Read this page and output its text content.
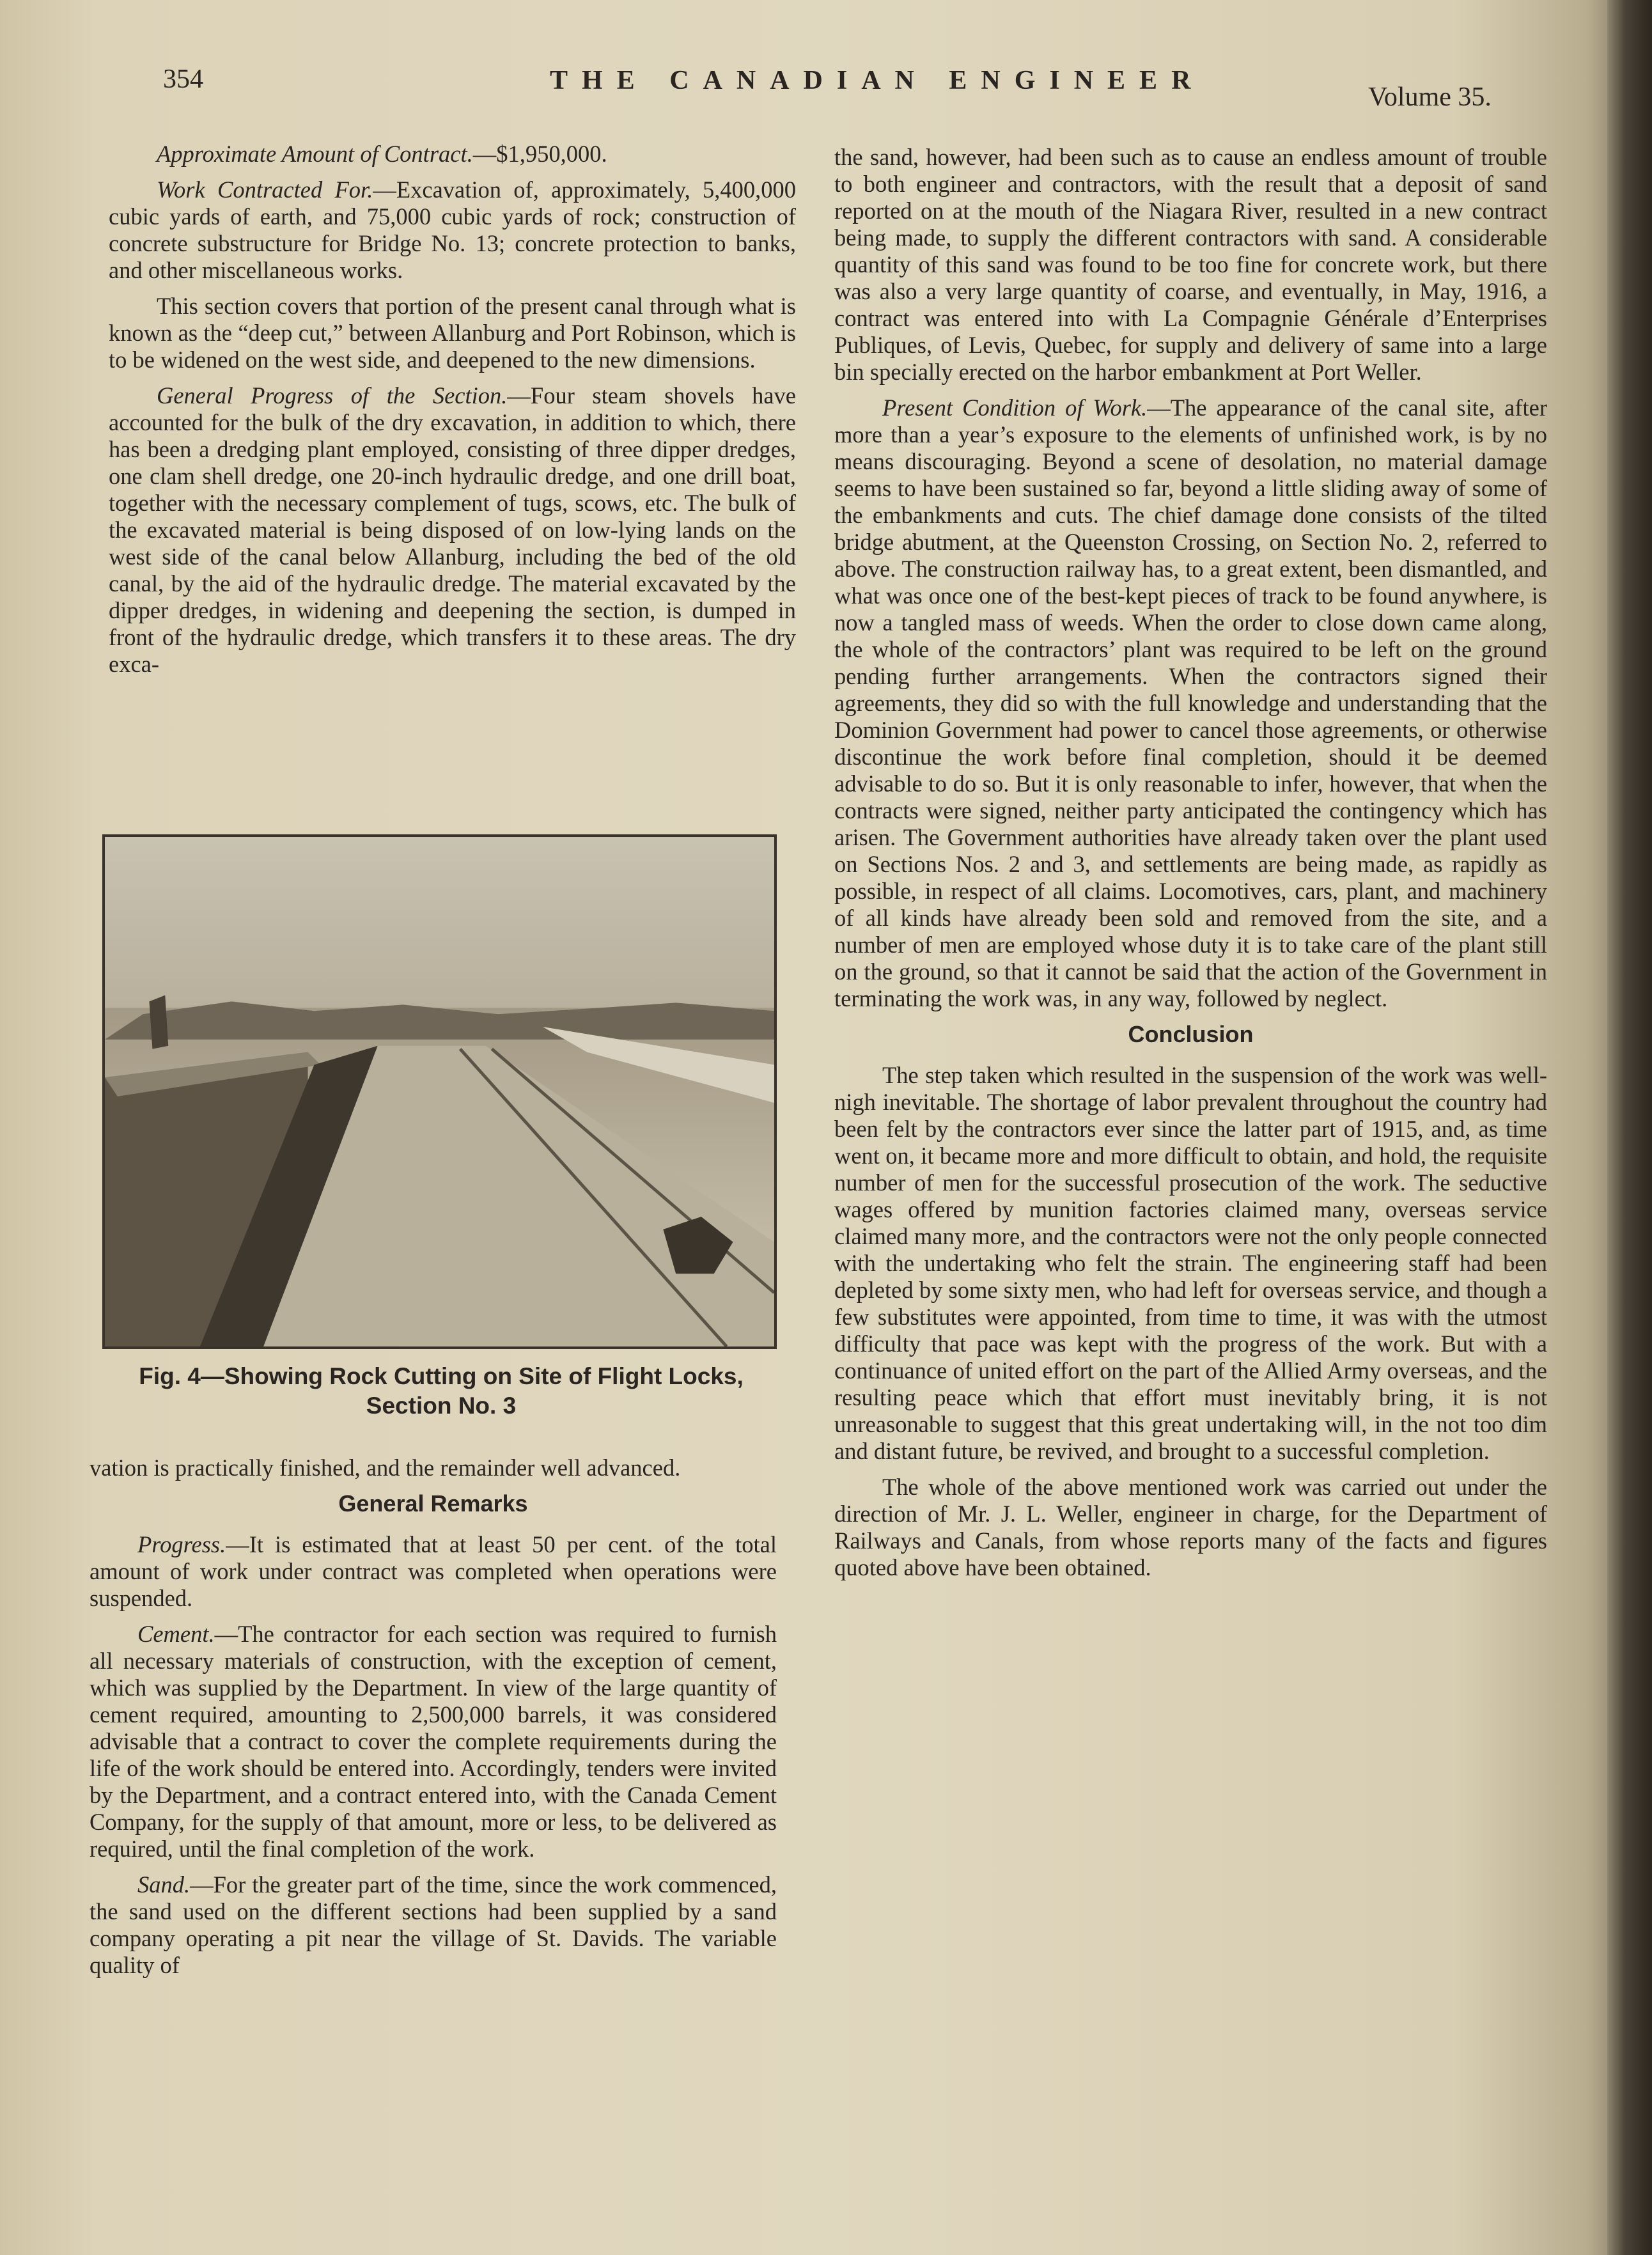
354	THE CANADIAN ENGINEER
Volume 35.

Approximate Amount of Contract.—$1,950,000.

Work Contracted For.—Excavation of, approximately, 5,400,000 cubic yards of earth, and 75,000 cubic yards of rock; construction of concrete substructure for Bridge No. 13; concrete protection to banks, and other miscellaneous works.

This section covers that portion of the present canal through what is known as the “deep cut,” between Allanburg and Port Robinson, which is to be widened on the west side, and deepened to the new dimensions.

General Progress of the Section.—Four steam shovels have accounted for the bulk of the dry excavation, in addition to which, there has been a dredging plant employed, consisting of three dipper dredges, one clam shell dredge, one 20-inch hydraulic dredge, and one drill boat, together with the necessary complement of tugs, scows, etc. The bulk of the excavated material is being disposed of on low-lying lands on the west side of the canal below Allanburg, including the bed of the old canal, by the aid of the hydraulic dredge. The material excavated by the dipper dredges, in widening and deepening the section, is dumped in front of the hydraulic dredge, which transfers it to these areas. The dry exca-

Fig. 4—Showing Rock Cutting on Site of Flight Locks, Section No. 3

vation is practically finished, and the remainder well advanced.

General Remarks

Progress.—It is estimated that at least 50 per cent. of the total amount of work under contract was completed when operations were suspended.

Cement.—The contractor for each section was required to furnish all necessary materials of construction, with the exception of cement, which was supplied by the Department. In view of the large quantity of cement required, amounting to 2,500,000 barrels, it was considered advisable that a contract to cover the complete requirements during the life of the work should be entered into. Accordingly, tenders were invited by the Department, and a contract entered into, with the Canada Cement Company, for the supply of that amount, more or less, to be delivered as required, until the final completion of the work.

Sand.—For the greater part of the time, since the work commenced, the sand used on the different sections had been supplied by a sand company operating a pit near the village of St. Davids. The variable quality of

the sand, however, had been such as to cause an endless amount of trouble to both engineer and contractors, with the result that a deposit of sand reported on at the mouth of the Niagara River, resulted in a new contract being made, to supply the different contractors with sand. A considerable quantity of this sand was found to be too fine for concrete work, but there was also a very large quantity of coarse, and eventually, in May, 1916, a contract was entered into with La Compagnie Générale d’Enterprises Publiques, of Levis, Quebec, for supply and delivery of same into a large bin specially erected on the harbor embankment at Port Weller.

Present Condition of Work.—The appearance of the canal site, after more than a year’s exposure to the elements of unfinished work, is by no means discouraging. Beyond a scene of desolation, no material damage seems to have been sustained so far, beyond a little sliding away of some of the embankments and cuts. The chief damage done consists of the tilted bridge abutment, at the Queenston Crossing, on Section No. 2, referred to above. The construction railway has, to a great extent, been dismantled, and what was once one of the best-kept pieces of track to be found anywhere, is now a tangled mass of weeds. When the order to close down came along, the whole of the contractors’ plant was required to be left on the ground pending further arrangements. When the contractors signed their agreements, they did so with the full knowledge and understanding that the Dominion Government had power to cancel those agreements, or otherwise discontinue the work before final completion, should it be deemed advisable to do so. But it is only reasonable to infer, however, that when the contracts were signed, neither party anticipated the contingency which has arisen. The Government authorities have already taken over the plant used on Sections Nos. 2 and 3, and settlements are being made, as rapidly as possible, in respect of all claims. Locomotives, cars, plant, and machinery of all kinds have already been sold and removed from the site, and a number of men are employed whose duty it is to take care of the plant still on the ground, so that it cannot be said that the action of the Government in terminating the work was, in any way, followed by neglect.

Conclusion

The step taken which resulted in the suspension of the work was well-nigh inevitable. The shortage of labor prevalent throughout the country had been felt by the contractors ever since the latter part of 1915, and, as time went on, it became more and more difficult to obtain, and hold, the requisite number of men for the successful prosecution of the work. The seductive wages offered by munition factories claimed many, overseas service claimed many more, and the contractors were not the only people connected with the undertaking who felt the strain. The engineering staff had been depleted by some sixty men, who had left for overseas service, and though a few substitutes were appointed, from time to time, it was with the utmost difficulty that pace was kept with the progress of the work. But with a continuance of united effort on the part of the Allied Army overseas, and the resulting peace which that effort must inevitably bring, it is not unreasonable to suggest that this great undertaking will, in the not too dim and distant future, be revived, and brought to a successful completion.

The whole of the above mentioned work was carried out under the direction of Mr. J. L. Weller, engineer in charge, for the Department of Railways and Canals, from whose reports many of the facts and figures quoted above have been obtained.
